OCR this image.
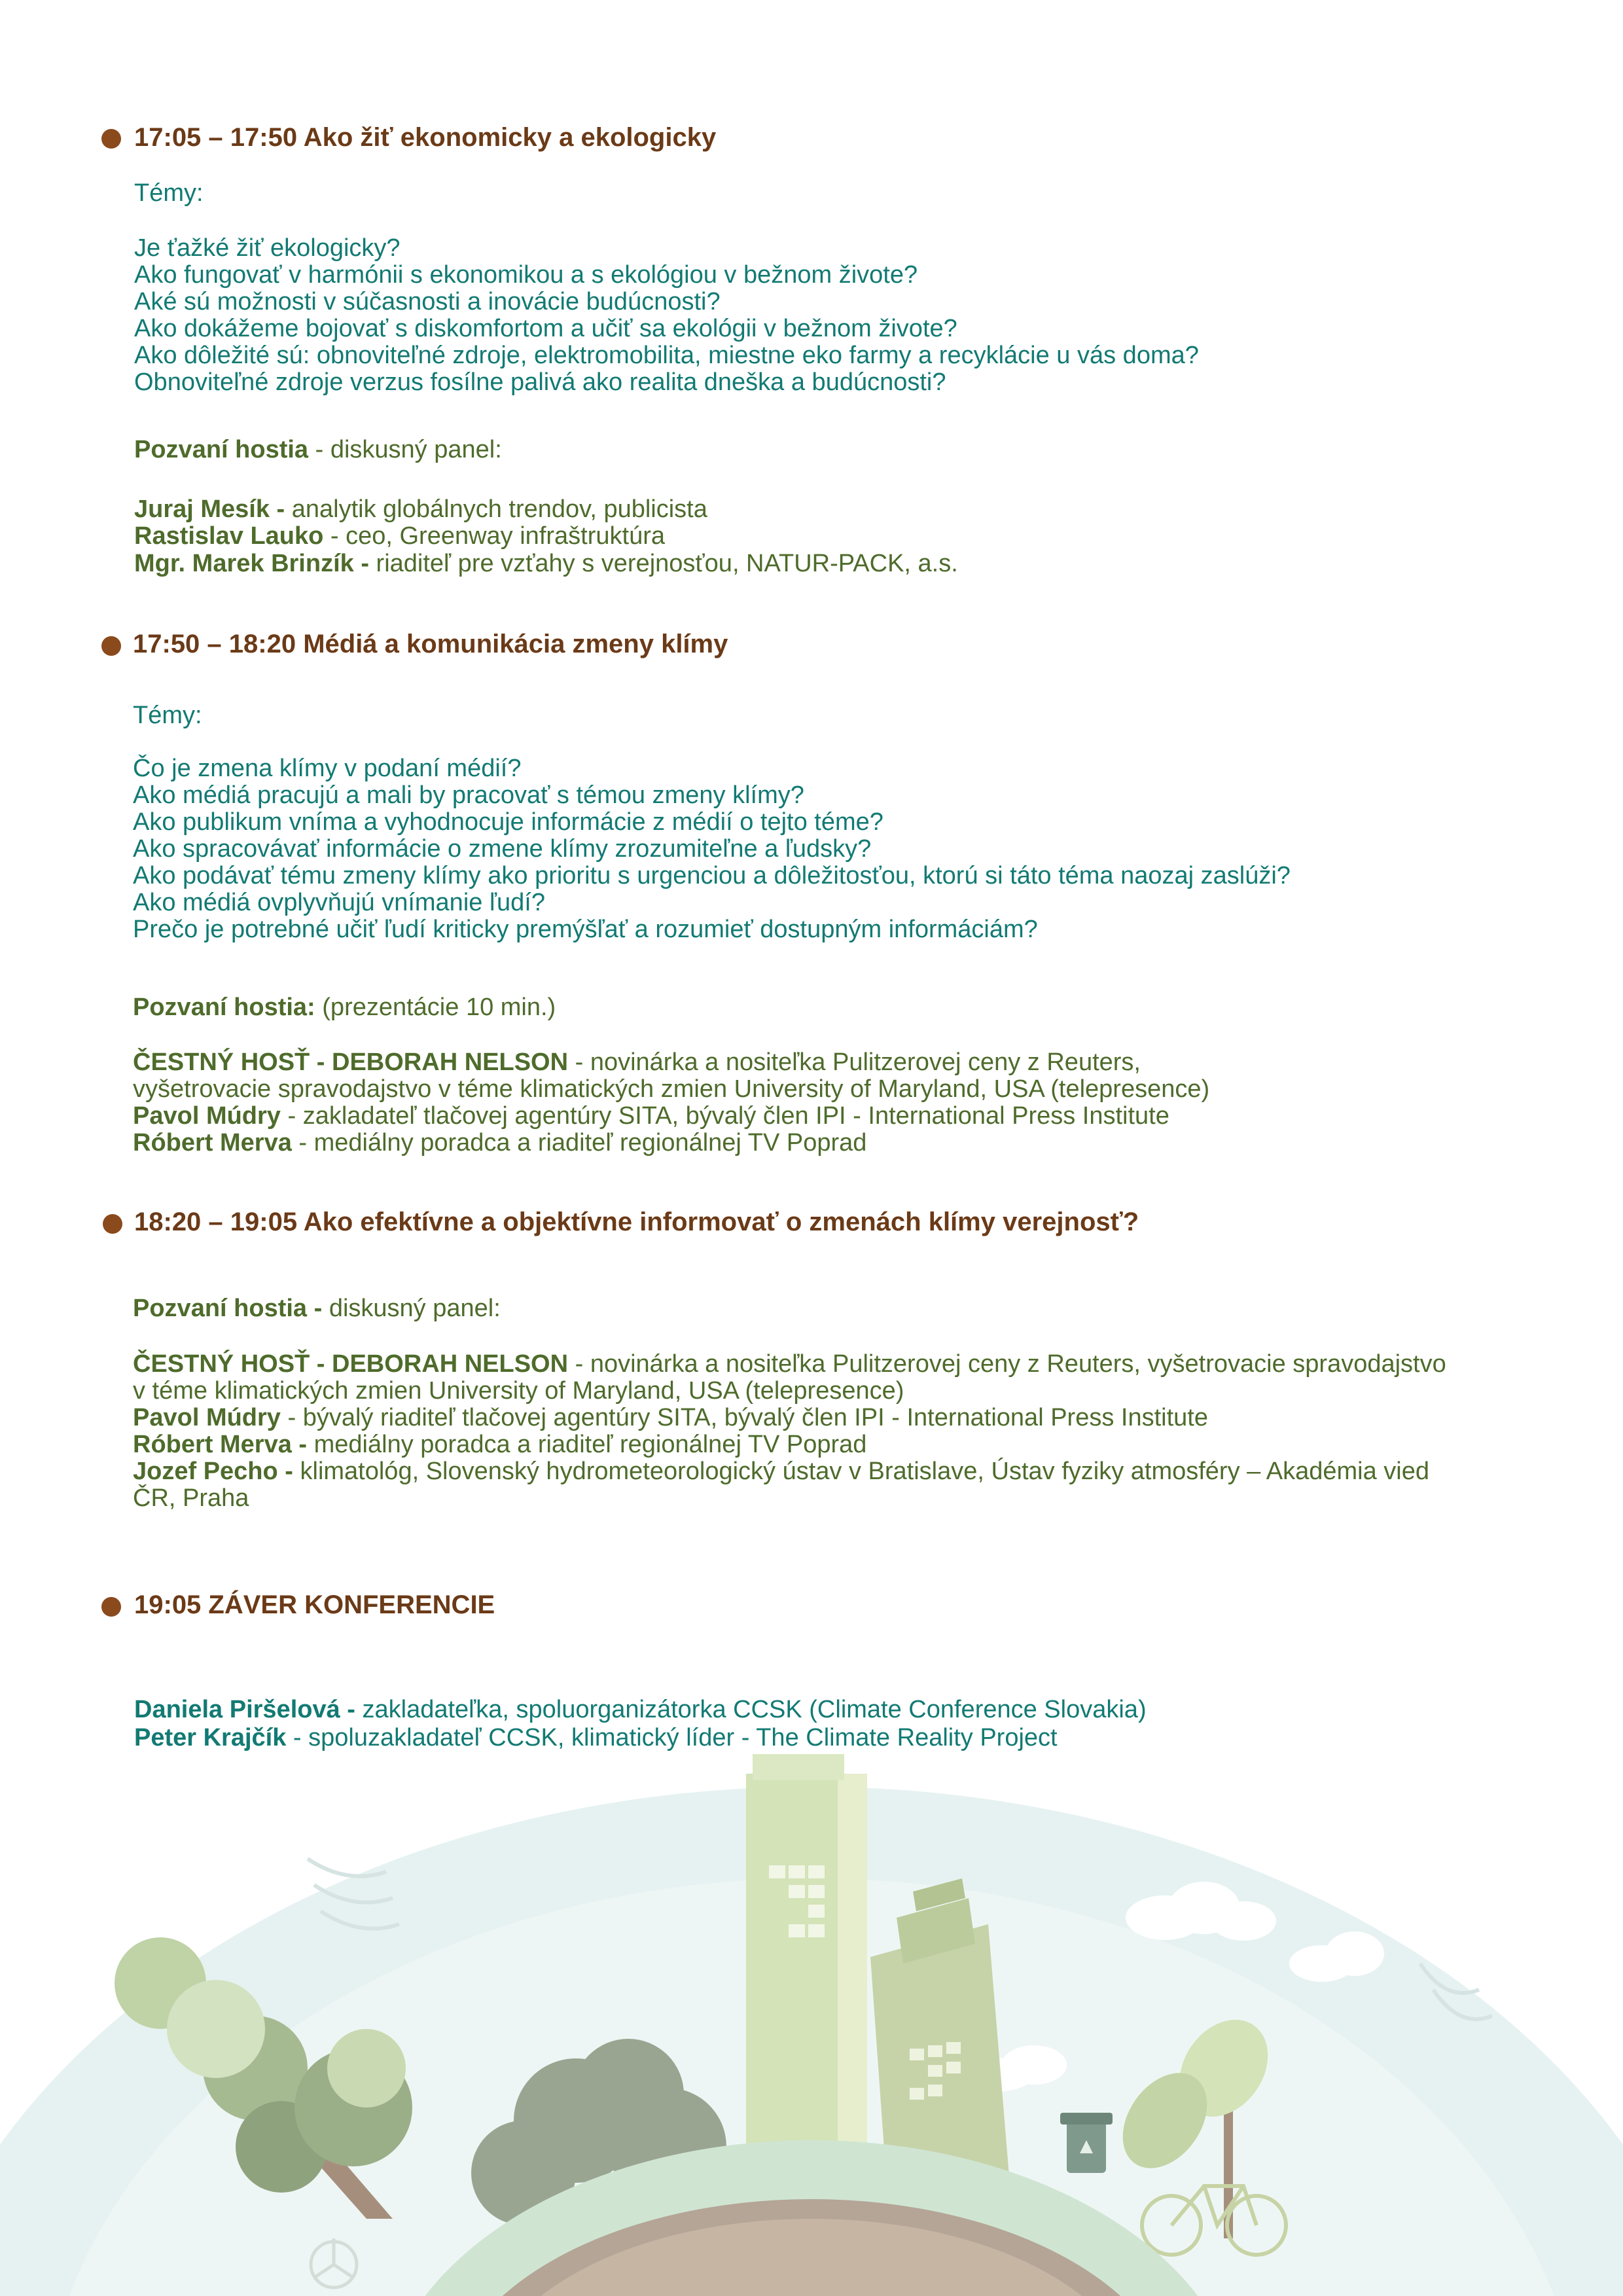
17:05 – 17:50 Ako žiť ekonomicky a ekologicky
Témy:
Je ťažké žiť ekologicky?
Ako fungovať v harmónii s ekonomikou a s ekológiou v bežnom živote?
Aké sú možnosti v súčasnosti a inovácie budúcnosti?
Ako dokážeme bojovať s diskomfortom a učiť sa ekológii v bežnom živote?
Ako dôležité sú: obnoviteľné zdroje, elektromobilita, miestne eko farmy a recyklácie u vás doma?
Obnoviteľné zdroje verzus fosílne palivá ako realita dneška a budúcnosti?
Pozvaní hostia - diskusný panel:
Juraj Mesík - analytik globálnych trendov, publicista
Rastislav Lauko - ceo, Greenway infraštruktúra
Mgr. Marek Brinzík - riaditeľ pre vzťahy s verejnosťou, NATUR-PACK, a.s.
17:50 – 18:20 Médiá a komunikácia zmeny klímy
Témy:
Čo je zmena klímy v podaní médií?
Ako médiá pracujú a mali by pracovať s témou zmeny klímy?
Ako publikum vníma a vyhodnocuje informácie z médií o tejto téme?
Ako spracovávať informácie o zmene klímy zrozumiteľne a ľudsky?
Ako podávať tému zmeny klímy ako prioritu s urgenciou a dôležitosťou, ktorú si táto téma naozaj zaslúži?
Ako médiá ovplyvňujú vnímanie ľudí?
Prečo je potrebné učiť ľudí kriticky premýšľať a rozumieť dostupným informáciám?
Pozvaní hostia: (prezentácie 10 min.)
ČESTNÝ HOSŤ - DEBORAH NELSON - novinárka a nositeľka Pulitzerovej ceny z Reuters,
vyšetrovacie spravodajstvo v téme klimatických zmien University of Maryland, USA (telepresence)
Pavol Múdry - zakladateľ tlačovej agentúry SITA, bývalý člen IPI - International Press Institute
Róbert Merva - mediálny poradca a riaditeľ regionálnej TV Poprad
18:20 – 19:05 Ako efektívne a objektívne informovať o zmenách klímy verejnosť?
Pozvaní hostia - diskusný panel:
ČESTNÝ HOSŤ - DEBORAH NELSON - novinárka a nositeľka Pulitzerovej ceny z Reuters, vyšetrovacie spravodajstvo
v téme klimatických zmien University of Maryland, USA (telepresence)
Pavol Múdry - bývalý riaditeľ tlačovej agentúry SITA, bývalý člen IPI - International Press Institute
Róbert Merva - mediálny poradca a riaditeľ regionálnej TV Poprad
Jozef Pecho - klimatológ, Slovenský hydrometeorologický ústav v Bratislave, Ústav fyziky atmosféry – Akadémia vied
ČR, Praha
19:05 ZÁVER KONFERENCIE
Daniela Piršelová - zakladateľka, spoluorganizátorka CCSK (Climate Conference Slovakia)
Peter Krajčík - spoluzakladateľ CCSK, klimatický líder - The Climate Reality Project
